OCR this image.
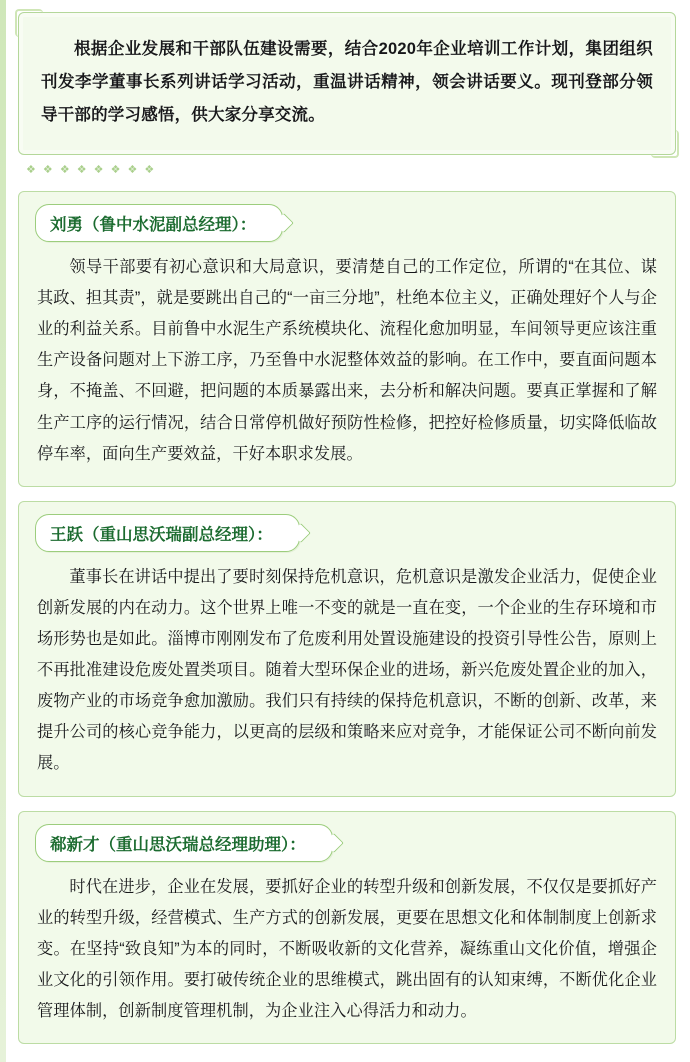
根据企业发展和干部队伍建设需要，结合2020年企业培训工作计划，集团组织刊发李学董事长系列讲话学习活动，重温讲话精神，领会讲话要义。现刊登部分领导干部的学习感悟，供大家分享交流。
❖ ❖ ❖ ❖ ❖ ❖ ❖ ❖
刘勇（鲁中水泥副总经理）：
领导干部要有初心意识和大局意识，要清楚自己的工作定位，所谓的“在其位、谋其政、担其责”，就是要跳出自己的“一亩三分地”，杜绝本位主义，正确处理好个人与企业的利益关系。目前鲁中水泥生产系统模块化、流程化愈加明显，车间领导更应该注重生产设备问题对上下游工序，乃至鲁中水泥整体效益的影响。在工作中，要直面问题本身，不掩盖、不回避，把问题的本质暴露出来，去分析和解决问题。要真正掌握和了解生产工序的运行情况，结合日常停机做好预防性检修，把控好检修质量，切实降低临故停车率，面向生产要效益，干好本职求发展。
王跃（重山思沃瑞副总经理）：
董事长在讲话中提出了要时刻保持危机意识，危机意识是激发企业活力，促使企业创新发展的内在动力。这个世界上唯一不变的就是一直在变，一个企业的生存环境和市场形势也是如此。淄博市刚刚发布了危废利用处置设施建设的投资引导性公告，原则上不再批准建设危废处置类项目。随着大型环保企业的进场，新兴危废处置企业的加入，废物产业的市场竞争愈加激励。我们只有持续的保持危机意识，不断的创新、改革，来提升公司的核心竞争能力，以更高的层级和策略来应对竞争，才能保证公司不断向前发展。
郗新才（重山思沃瑞总经理助理）：
时代在进步，企业在发展，要抓好企业的转型升级和创新发展，不仅仅是要抓好产业的转型升级，经营模式、生产方式的创新发展，更要在思想文化和体制制度上创新求变。在坚持“致良知”为本的同时，不断吸收新的文化营养，凝练重山文化价值，增强企业文化的引领作用。要打破传统企业的思维模式，跳出固有的认知束缚，不断优化企业管理体制，创新制度管理机制，为企业注入心得活力和动力。
